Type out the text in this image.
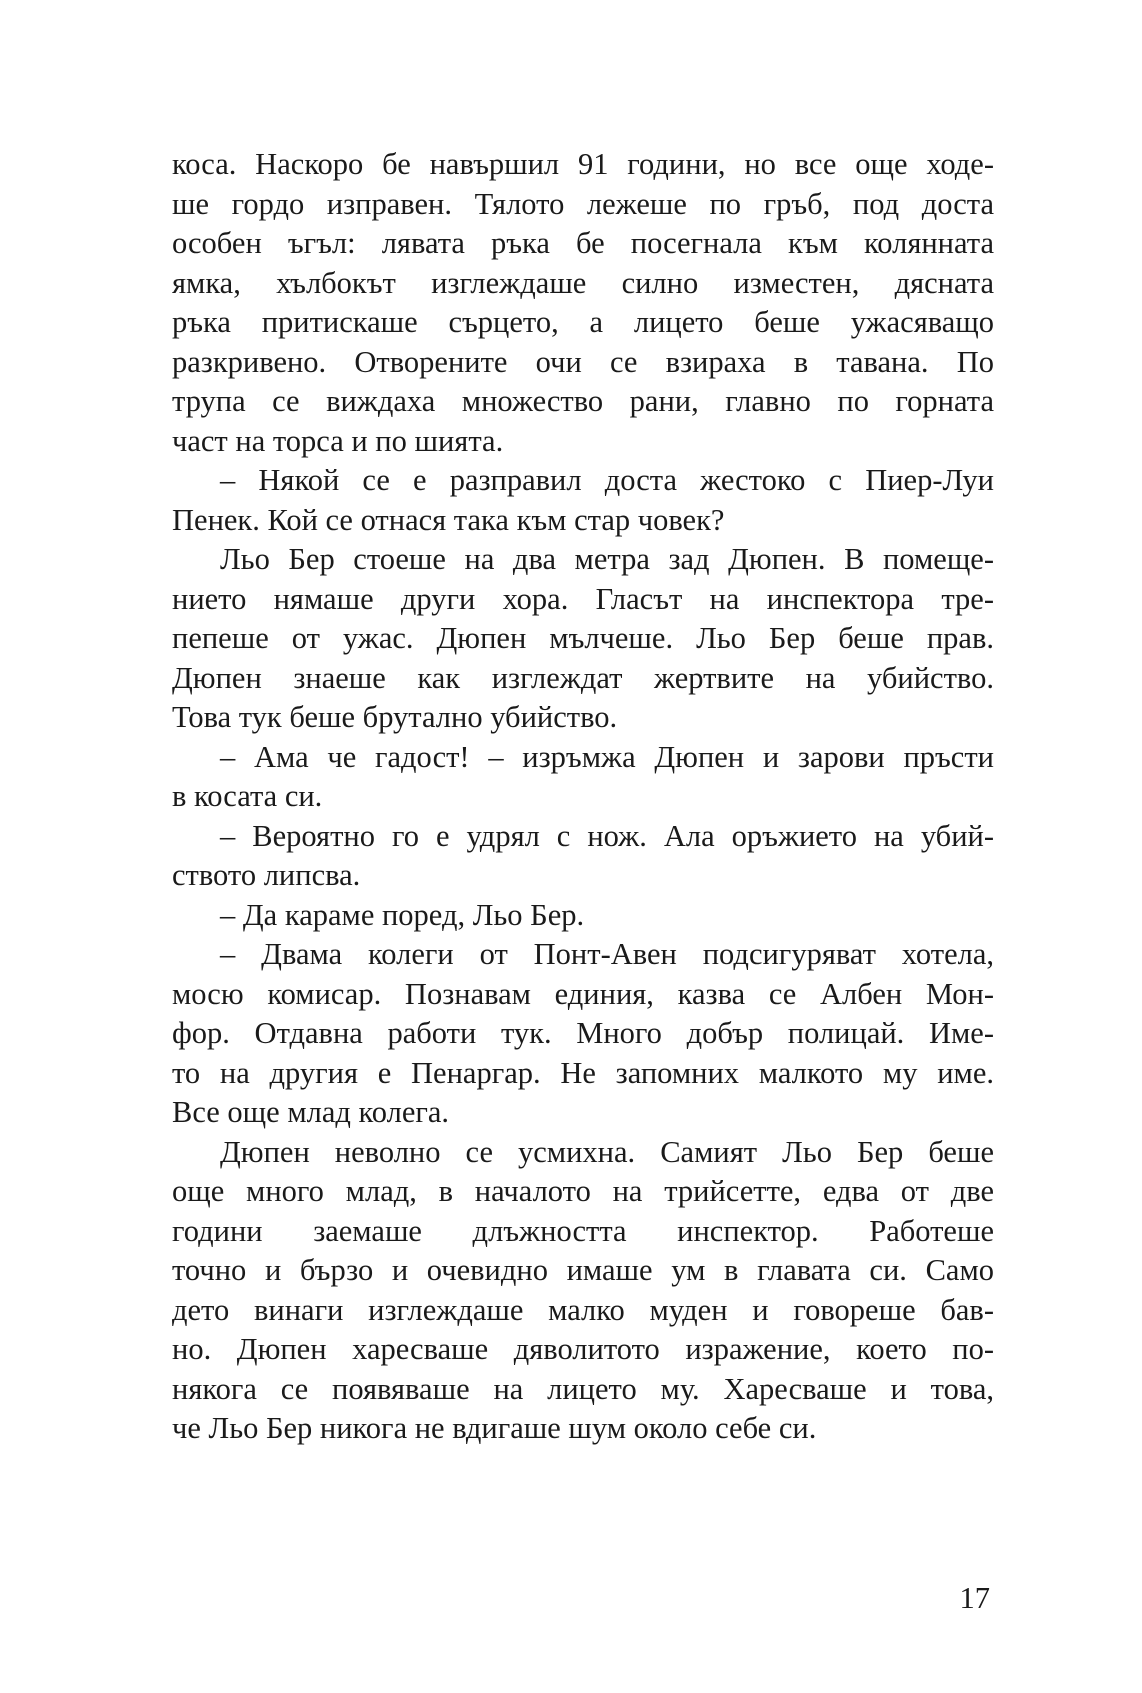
коса. Наскоро бе навършил 91 години, но все още ходе-
ше гордо изправен. Тялото лежеше по гръб, под доста
особен ъгъл: лявата ръка бе посегнала към колянната
ямка, хълбокът изглеждаше силно изместен, дясната
ръка притискаше сърцето, а лицето беше ужасяващо
разкривено. Отворените очи се взираха в тавана. По
трупа се виждаха множество рани, главно по горната
част на торса и по шията.
– Някой се е разправил доста жестоко с Пиер-Луи
Пенек. Кой се отнася така към стар човек?
Льо Бер стоеше на два метра зад Дюпен. В помеще-
нието нямаше други хора. Гласът на инспектора тре-
пепеше от ужас. Дюпен мълчеше. Льо Бер беше прав.
Дюпен знаеше как изглеждат жертвите на убийство.
Това тук беше брутално убийство.
– Ама че гадост! – изръмжа Дюпен и зарови пръсти
в косата си.
– Вероятно го е удрял с нож. Ала оръжието на убий-
ството липсва.
– Да караме поред, Льо Бер.
– Двама колеги от Понт-Авен подсигуряват хотела,
мосю комисар. Познавам единия, казва се Албен Мон-
фор. Отдавна работи тук. Много добър полицай. Име-
то на другия е Пенаргар. Не запомних малкото му име.
Все още млад колега.
Дюпен неволно се усмихна. Самият Льо Бер беше
още много млад, в началото на трийсетте, едва от две
години заемаше длъжността инспектор. Работеше
точно и бързо и очевидно имаше ум в главата си. Само
дето винаги изглеждаше малко муден и говореше бав-
но. Дюпен харесваше дяволитото изражение, което по-
някога се появяваше на лицето му. Харесваше и това,
че Льо Бер никога не вдигаше шум около себе си.
17
